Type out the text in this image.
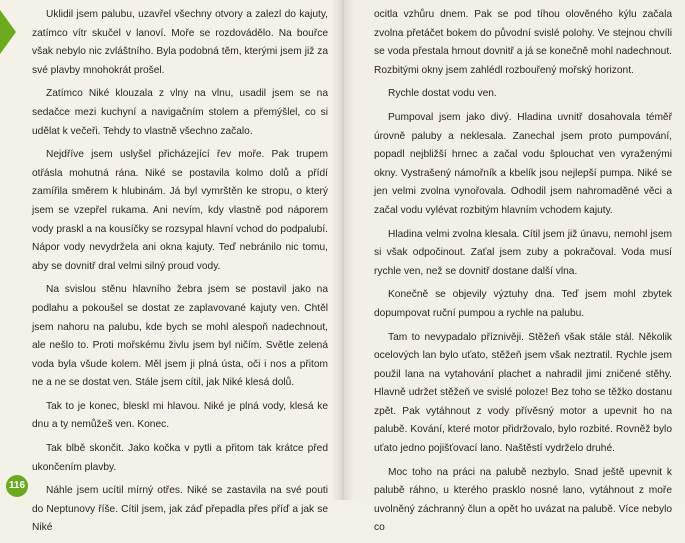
Uklidil jsem palubu, uzavřel všechny otvory a zalezl do kajuty, zatímco vítr skučel v lanoví. Moře se rozdovádělo. Na bouřce však nebylo nic zvláštního. Byla podobná těm, kterými jsem již za své plavby mnohokrát prošel.

Zatímco Niké klouzala z vlny na vlnu, usadil jsem se na sedačce mezi kuchyní a navigačním stolem a přemýšlel, co si udělat k večeři. Tehdy to vlastně všechno začalo.

Nejdříve jsem uslyšel přicházející řev moře. Pak trupem otřásla mohutná rána. Niké se postavila kolmo dolů a přídí zamířila směrem k hlubinám. Já byl vymrštěn ke stropu, o který jsem se vzepřel rukama. Ani nevím, kdy vlastně pod náporem vody praskl a na kousíčky se rozsypal hlavní vchod do podpalubí. Nápor vody nevydržela ani okna kajuty. Teď nebránilo nic tomu, aby se dovnitř dral velmi silný proud vody.

Na svislou stěnu hlavního žebra jsem se postavil jako na podlahu a pokoušel se dostat ze zaplavované kajuty ven. Chtěl jsem nahoru na palubu, kde bych se mohl alespoň nadechnout, ale nešlo to. Proti mořskému živlu jsem byl ničím. Světle zelená voda byla všude kolem. Měl jsem ji plná ústa, oči i nos a přitom ne a ne se dostat ven. Stále jsem cítil, jak Niké klesá dolů.

Tak to je konec, bleskl mi hlavou. Niké je plná vody, klesá ke dnu a ty nemůžeš ven. Konec.

Tak blbě skončit. Jako kočka v pytli a přitom tak krátce před ukončením plavby.

Náhle jsem ucítil mírný otřes. Niké se zastavila na své pouti do Neptunovy říše. Cítil jsem, jak záď přepadla přes příď a jak se Niké

ocitla vzhůru dnem. Pak se pod tíhou olověného kýlu začala zvolna přetáčet bokem do původní svislé polohy. Ve stejnou chvíli se voda přestala hrnout dovnitř a já se konečně mohl nadechnout. Rozbitými okny jsem zahlédl rozbouřený mořský horizont.

Rychle dostat vodu ven.

Pumpoval jsem jako divý. Hladina uvnitř dosahovala téměř úrovně paluby a neklesala. Zanechal jsem proto pumpování, popadl nejbližší hrnec a začal vodu šplouchat ven vyraženými okny. Vystrašený námořník a kbelík jsou nejlepší pumpa. Niké se jen velmi zvolna vynořovala. Odhodil jsem nahromaděné věci a začal vodu vylévat rozbitým hlavním vchodem kajuty.

Hladina velmi zvolna klesala. Cítil jsem již únavu, nemohl jsem si však odpočinout. Zaťal jsem zuby a pokračoval. Voda musí rychle ven, než se dovnitř dostane další vlna.

Konečně se objevily výztuhy dna. Teď jsem mohl zbytek dopumpovat ruční pumpou a rychle na palubu.

Tam to nevypadalo příznivěji. Stěžeň však stále stál. Několik ocelových lan bylo uťato, stěžeň jsem však neztratil. Rychle jsem použil lana na vytahování plachet a nahradil jimi zničené stěhy. Hlavně udržet stěžeň ve svislé poloze! Bez toho se těžko dostanu zpět. Pak vytáhnout z vody přívěsný motor a upevnit ho na palubě. Kování, které motor přidržovalo, bylo rozbité. Rovněž bylo uťato jedno pojišťovací lano. Naštěstí vydrželo druhé.

Moc toho na práci na palubě nezbylo. Snad ještě upevnit k palubě ráhno, u kterého prasklo nosné lano, vytáhnout z moře uvolněný záchranný člun a opět ho uvázat na palubě. Více nebylo co

116
